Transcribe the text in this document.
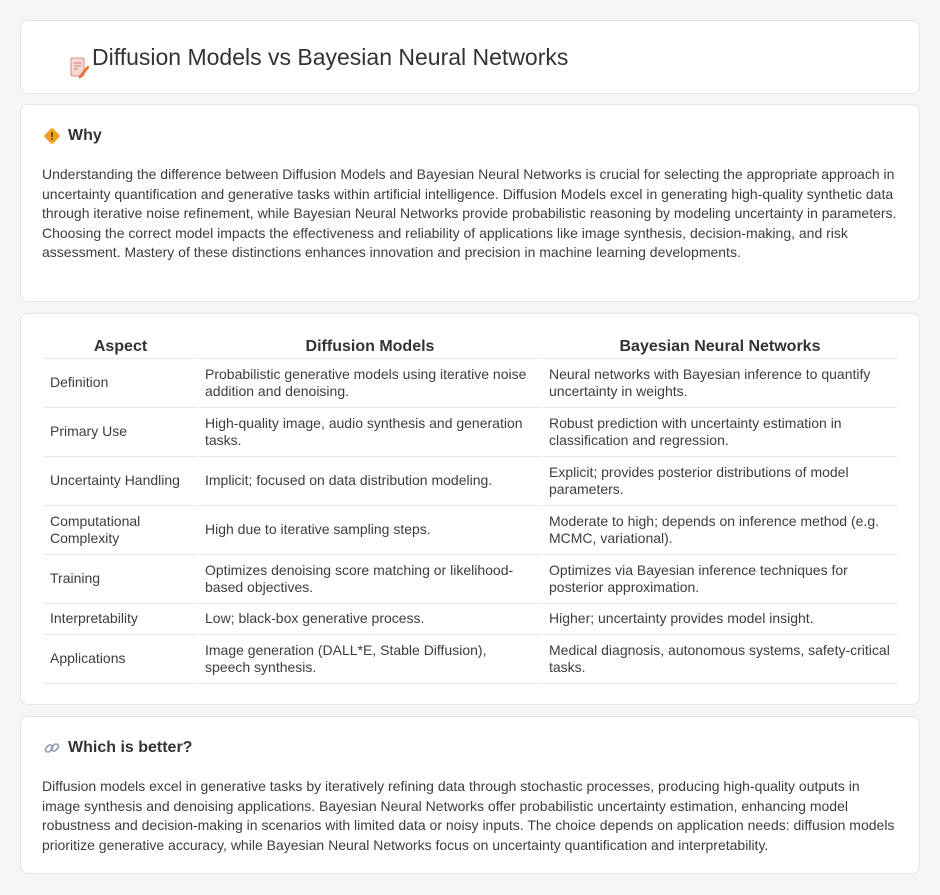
Diffusion Models vs Bayesian Neural Networks
Why

Understanding the difference between Diffusion Models and Bayesian Neural Networks is crucial for selecting the appropriate approach in uncertainty quantification and generative tasks within artificial intelligence. Diffusion Models excel in generating high-quality synthetic data through iterative noise refinement, while Bayesian Neural Networks provide probabilistic reasoning by modeling uncertainty in parameters. Choosing the correct model impacts the effectiveness and reliability of applications like image synthesis, decision-making, and risk assessment. Mastery of these distinctions enhances innovation and precision in machine learning developments.

Aspect	Diffusion Models	Bayesian Neural Networks
Definition	Probabilistic generative models using iterative noise addition and denoising.	Neural networks with Bayesian inference to quantify uncertainty in weights.
Primary Use	High-quality image, audio synthesis and generation tasks.	Robust prediction with uncertainty estimation in classification and regression.
Uncertainty Handling	Implicit; focused on data distribution modeling.	Explicit; provides posterior distributions of model parameters.
Computational Complexity	High due to iterative sampling steps.	Moderate to high; depends on inference method (e.g. MCMC, variational).
Training	Optimizes denoising score matching or likelihood-based objectives.	Optimizes via Bayesian inference techniques for posterior approximation.
Interpretability	Low; black-box generative process.	Higher; uncertainty provides model insight.
Applications	Image generation (DALL*E, Stable Diffusion), speech synthesis.	Medical diagnosis, autonomous systems, safety-critical tasks.
Which is better?

Diffusion models excel in generative tasks by iteratively refining data through stochastic processes, producing high-quality outputs in image synthesis and denoising applications. Bayesian Neural Networks offer probabilistic uncertainty estimation, enhancing model robustness and decision-making in scenarios with limited data or noisy inputs. The choice depends on application needs: diffusion models prioritize generative accuracy, while Bayesian Neural Networks focus on uncertainty quantification and interpretability.
